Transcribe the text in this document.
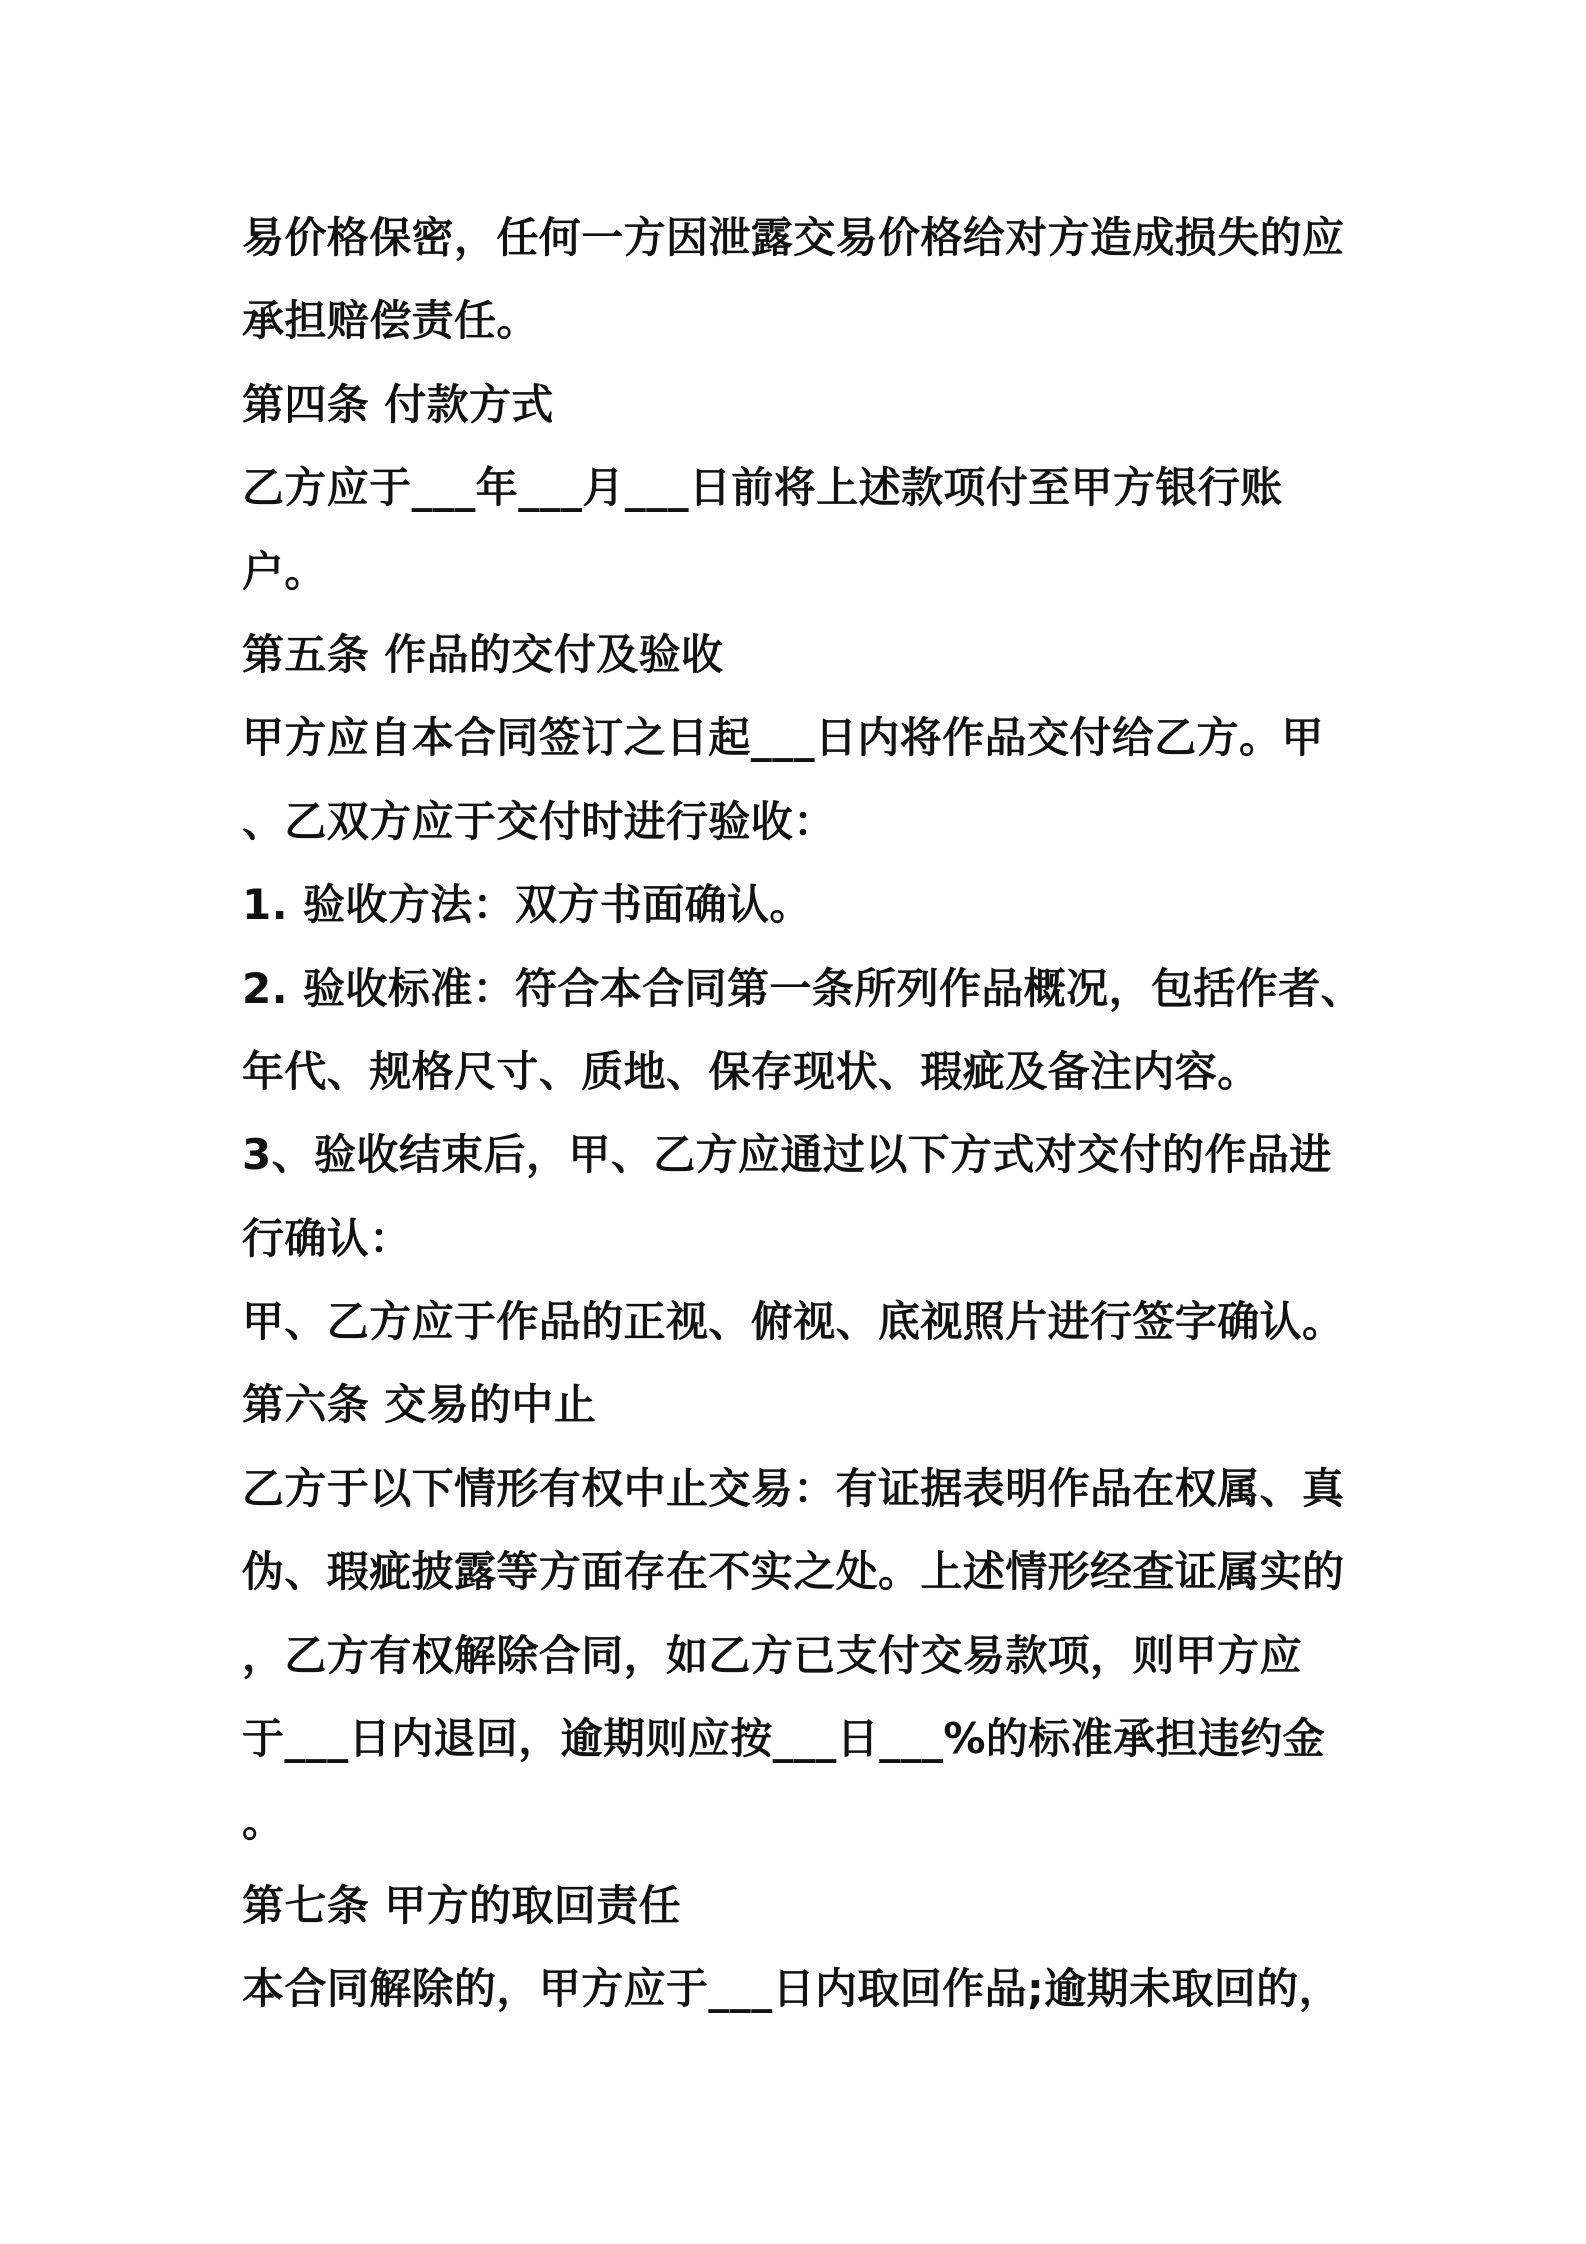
易价格保密，任何一方因泄露交易价格给对方造成损失的应
承担赔偿责任。
第四条 付款方式
乙方应于___年___月___日前将上述款项付至甲方银行账
户。
第五条 作品的交付及验收
甲方应自本合同签订之日起___日内将作品交付给乙方。甲
、乙双方应于交付时进行验收：
1. 验收方法：双方书面确认。
2. 验收标准：符合本合同第一条所列作品概况，包括作者、
年代、规格尺寸、质地、保存现状、瑕疵及备注内容。
3、验收结束后，甲、乙方应通过以下方式对交付的作品进
行确认：
甲、乙方应于作品的正视、俯视、底视照片进行签字确认。
第六条 交易的中止
乙方于以下情形有权中止交易：有证据表明作品在权属、真
伪、瑕疵披露等方面存在不实之处。上述情形经查证属实的
，乙方有权解除合同，如乙方已支付交易款项，则甲方应
于___日内退回，逾期则应按___日___%的标准承担违约金
。
第七条 甲方的取回责任
本合同解除的，甲方应于___日内取回作品;逾期未取回的，
